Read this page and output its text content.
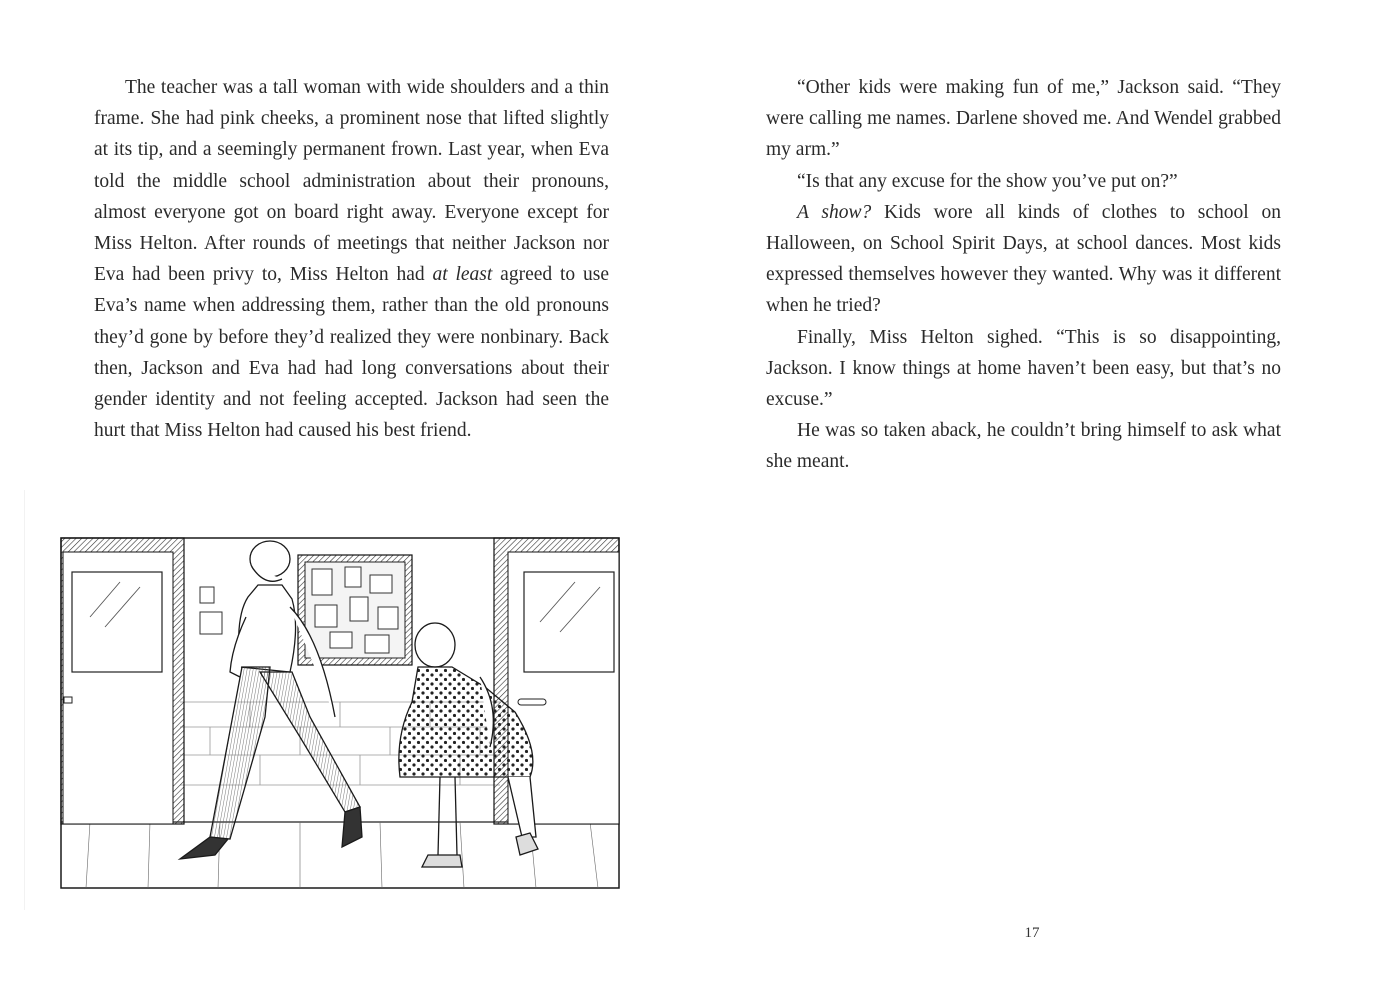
The teacher was a tall woman with wide shoulders and a thin frame. She had pink cheeks, a prominent nose that lifted slightly at its tip, and a seemingly permanent frown. Last year, when Eva told the middle school administration about their pronouns, almost everyone got on board right away. Everyone except for Miss Helton. After rounds of meetings that neither Jackson nor Eva had been privy to, Miss Helton had at least agreed to use Eva’s name when addressing them, rather than the old pronouns they’d gone by before they’d realized they were nonbinary. Back then, Jackson and Eva had had long conversations about their gender identity and not feeling accepted. Jackson had seen the hurt that Miss Helton had caused his best friend.

“Other kids were making fun of me,” Jackson said. “They were calling me names. Darlene shoved me. And Wendel grabbed my arm.”

“Is that any excuse for the show you’ve put on?”

A show? Kids wore all kinds of clothes to school on Halloween, on School Spirit Days, at school dances. Most kids expressed themselves however they wanted. Why was it different when he tried?

Finally, Miss Helton sighed. “This is so disappointing, Jackson. I know things at home haven’t been easy, but that’s no excuse.”

He was so taken aback, he couldn’t bring himself to ask what she meant.

17
